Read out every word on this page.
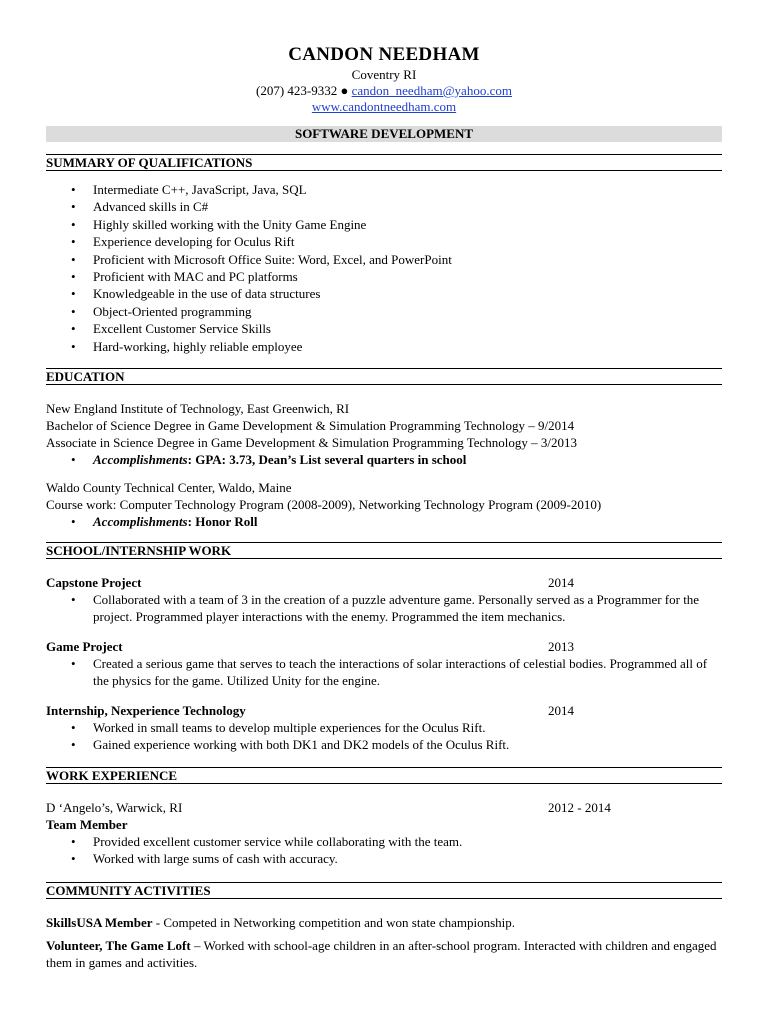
CANDON NEEDHAM
Coventry RI
(207) 423-9332 ● candon_needham@yahoo.com
www.candontneedham.com
SOFTWARE DEVELOPMENT
SUMMARY OF QUALIFICATIONS
• Intermediate C++, JavaScript, Java, SQL
• Advanced skills in C#
• Highly skilled working with the Unity Game Engine
• Experience developing for Oculus Rift
• Proficient with Microsoft Office Suite: Word, Excel, and PowerPoint
• Proficient with MAC and PC platforms
• Knowledgeable in the use of data structures
• Object-Oriented programming
• Excellent Customer Service Skills
• Hard-working, highly reliable employee
EDUCATION
New England Institute of Technology, East Greenwich, RI
Bachelor of Science Degree in Game Development & Simulation Programming Technology – 9/2014
Associate in Science Degree in Game Development & Simulation Programming Technology – 3/2013
• Accomplishments: GPA: 3.73, Dean’s List several quarters in school
Waldo County Technical Center, Waldo, Maine
Course work: Computer Technology Program (2008-2009), Networking Technology Program (2009-2010)
• Accomplishments: Honor Roll
SCHOOL/INTERNSHIP WORK
Capstone Project	2014
• Collaborated with a team of 3 in the creation of a puzzle adventure game. Personally served as a Programmer for the project. Programmed player interactions with the enemy. Programmed the item mechanics.
Game Project	2013
• Created a serious game that serves to teach the interactions of solar interactions of celestial bodies. Programmed all of the physics for the game. Utilized Unity for the engine.
Internship, Nexperience Technology	2014
• Worked in small teams to develop multiple experiences for the Oculus Rift.
• Gained experience working with both DK1 and DK2 models of the Oculus Rift.
WORK EXPERIENCE
D ‘Angelo’s, Warwick, RI	2012 - 2014
Team Member
• Provided excellent customer service while collaborating with the team.
• Worked with large sums of cash with accuracy.
COMMUNITY ACTIVITIES
SkillsUSA Member - Competed in Networking competition and won state championship.
Volunteer, The Game Loft – Worked with school-age children in an after-school program. Interacted with children and engaged them in games and activities.
